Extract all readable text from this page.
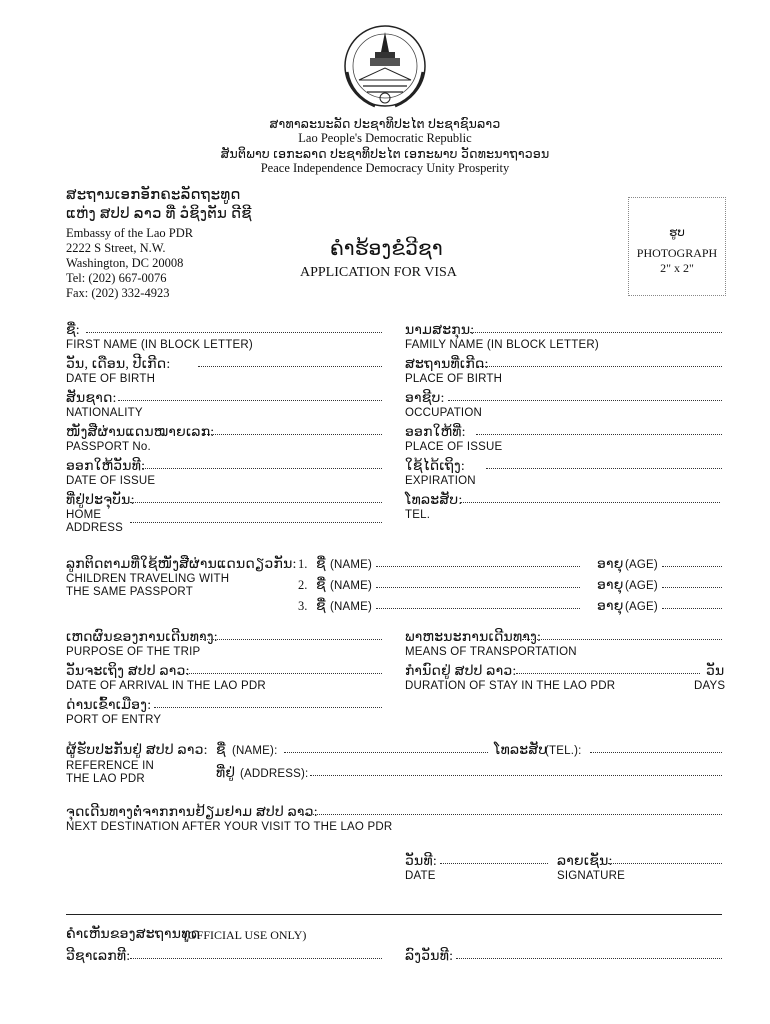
ສາທາລະນະລັດ ປະຊາທິປະໄຕ ປະຊາຊົນລາວ
Lao People's Democratic Republic
ສັນຕິພາບ ເອກະລາດ ປະຊາທິປະໄຕ ເອກະພາບ ວັດທະນາຖາວອນ
Peace Independence Democracy Unity Prosperity
ສະຖານເອກອັກຄະລັດຖະທູດ
ແຫ່ງ ສປປ ລາວ ທີ່ ວໍຊິງຕັນ ດີຊີ
Embassy of the Lao PDR
2222 S Street, N.W.
Washington, DC 20008
Tel: (202) 667-0076
Fax: (202) 332-4923
ຄຳຮ້ອງຂໍວີຊາ
APPLICATION FOR VISA
ຮູບ
PHOTOGRAPH
2" x 2"
ຊື່:
FIRST NAME (IN BLOCK LETTER)
ວັນ, ເດືອນ, ປີເກີດ:
DATE OF BIRTH
ສັນຊາດ:
NATIONALITY
ໜັງສືຜ່ານແດນໝາຍເລກ:
PASSPORT No.
ອອກໃຫ້ວັນທີ:
DATE OF ISSUE
ທີ່ຢູ່ປະຈຸບັນ:
HOME
ADDRESS
ນາມສະກຸນ:
FAMILY NAME (IN BLOCK LETTER)
ສະຖານທີ່ເກີດ:
PLACE OF BIRTH
ອາຊີບ:
OCCUPATION
ອອກໃຫ້ທີ່:
PLACE OF ISSUE
ໃຊ້ໄດ້ເຖິງ:
EXPIRATION
ໂທລະສັບ:
TEL.
ລູກຕິດຕາມທີ່ໃຊ້ໜັງສືຜ່ານແດນດຽວກັນ:
CHILDREN TRAVELING WITH
THE SAME PASSPORT
1. ຊື່ (NAME)	ອາຍຸ (AGE)
2. ຊື່ (NAME)	ອາຍຸ (AGE)
3. ຊື່ (NAME)	ອາຍຸ (AGE)
ເຫດຜົນຂອງການເດີນທາງ:
PURPOSE OF THE TRIP
ພາຫະນະການເດີນທາງ:
MEANS OF TRANSPORTATION
ວັນຈະເຖິງ ສປປ ລາວ:
DATE OF ARRIVAL IN THE LAO PDR
ກຳນົດຢູ່ ສປປ ລາວ:	ວັນ
DURATION OF STAY IN THE LAO PDR	DAYS
ດ່ານເຂົ້າເມືອງ:
PORT OF ENTRY
ຜູ້ຮັບປະກັນຢູ່ ສປປ ລາວ:
REFERENCE IN
THE LAO PDR
ຊື່ (NAME):	ໂທລະສັບ
(TEL.):
ທີ່ຢູ່ (ADDRESS):
ຈຸດເດີນທາງຕໍ່ຈາກການຢ້ຽມຢາມ ສປປ ລາວ:
NEXT DESTINATION AFTER YOUR VISIT TO THE LAO PDR
ວັນທີ:
DATE
ລາຍເຊັນ:
SIGNATURE
ຄຳເຫັນຂອງສະຖານທູດ
(OFFICIAL USE ONLY)
ວີຊາເລກທີ:	ລົງວັນທີ:
